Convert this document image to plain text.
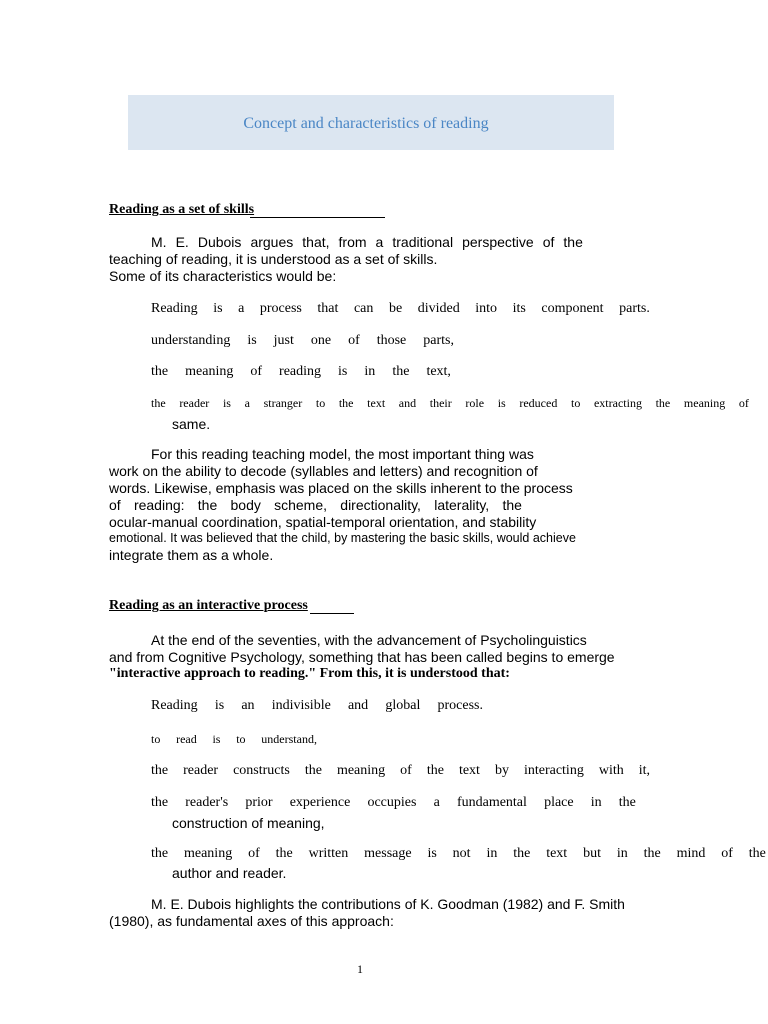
Concept and characteristics of reading
Reading as a set of skills
M. E. Dubois argues that, from a traditional perspective of the
teaching of reading, it is understood as a set of skills.
Some of its characteristics would be:
Reading is a process that can be divided into its component parts.
understanding is just one of those parts,
the meaning of reading is in the text,
the reader is a stranger to the text and their role is reduced to extracting the meaning of
same.
For this reading teaching model, the most important thing was
work on the ability to decode (syllables and letters) and recognition of
words. Likewise, emphasis was placed on the skills inherent to the process
of reading: the body scheme, directionality, laterality, the
ocular-manual coordination, spatial-temporal orientation, and stability
emotional. It was believed that the child, by mastering the basic skills, would achieve
integrate them as a whole.
Reading as an interactive process
At the end of the seventies, with the advancement of Psycholinguistics
and from Cognitive Psychology, something that has been called begins to emerge
"interactive approach to reading." From this, it is understood that:
Reading is an indivisible and global process.
to read is to understand,
the reader constructs the meaning of the text by interacting with it,
the reader's prior experience occupies a fundamental place in the
construction of meaning,
the meaning of the written message is not in the text but in the mind of the
author and reader.
M. E. Dubois highlights the contributions of K. Goodman (1982) and F. Smith
(1980), as fundamental axes of this approach:
1
